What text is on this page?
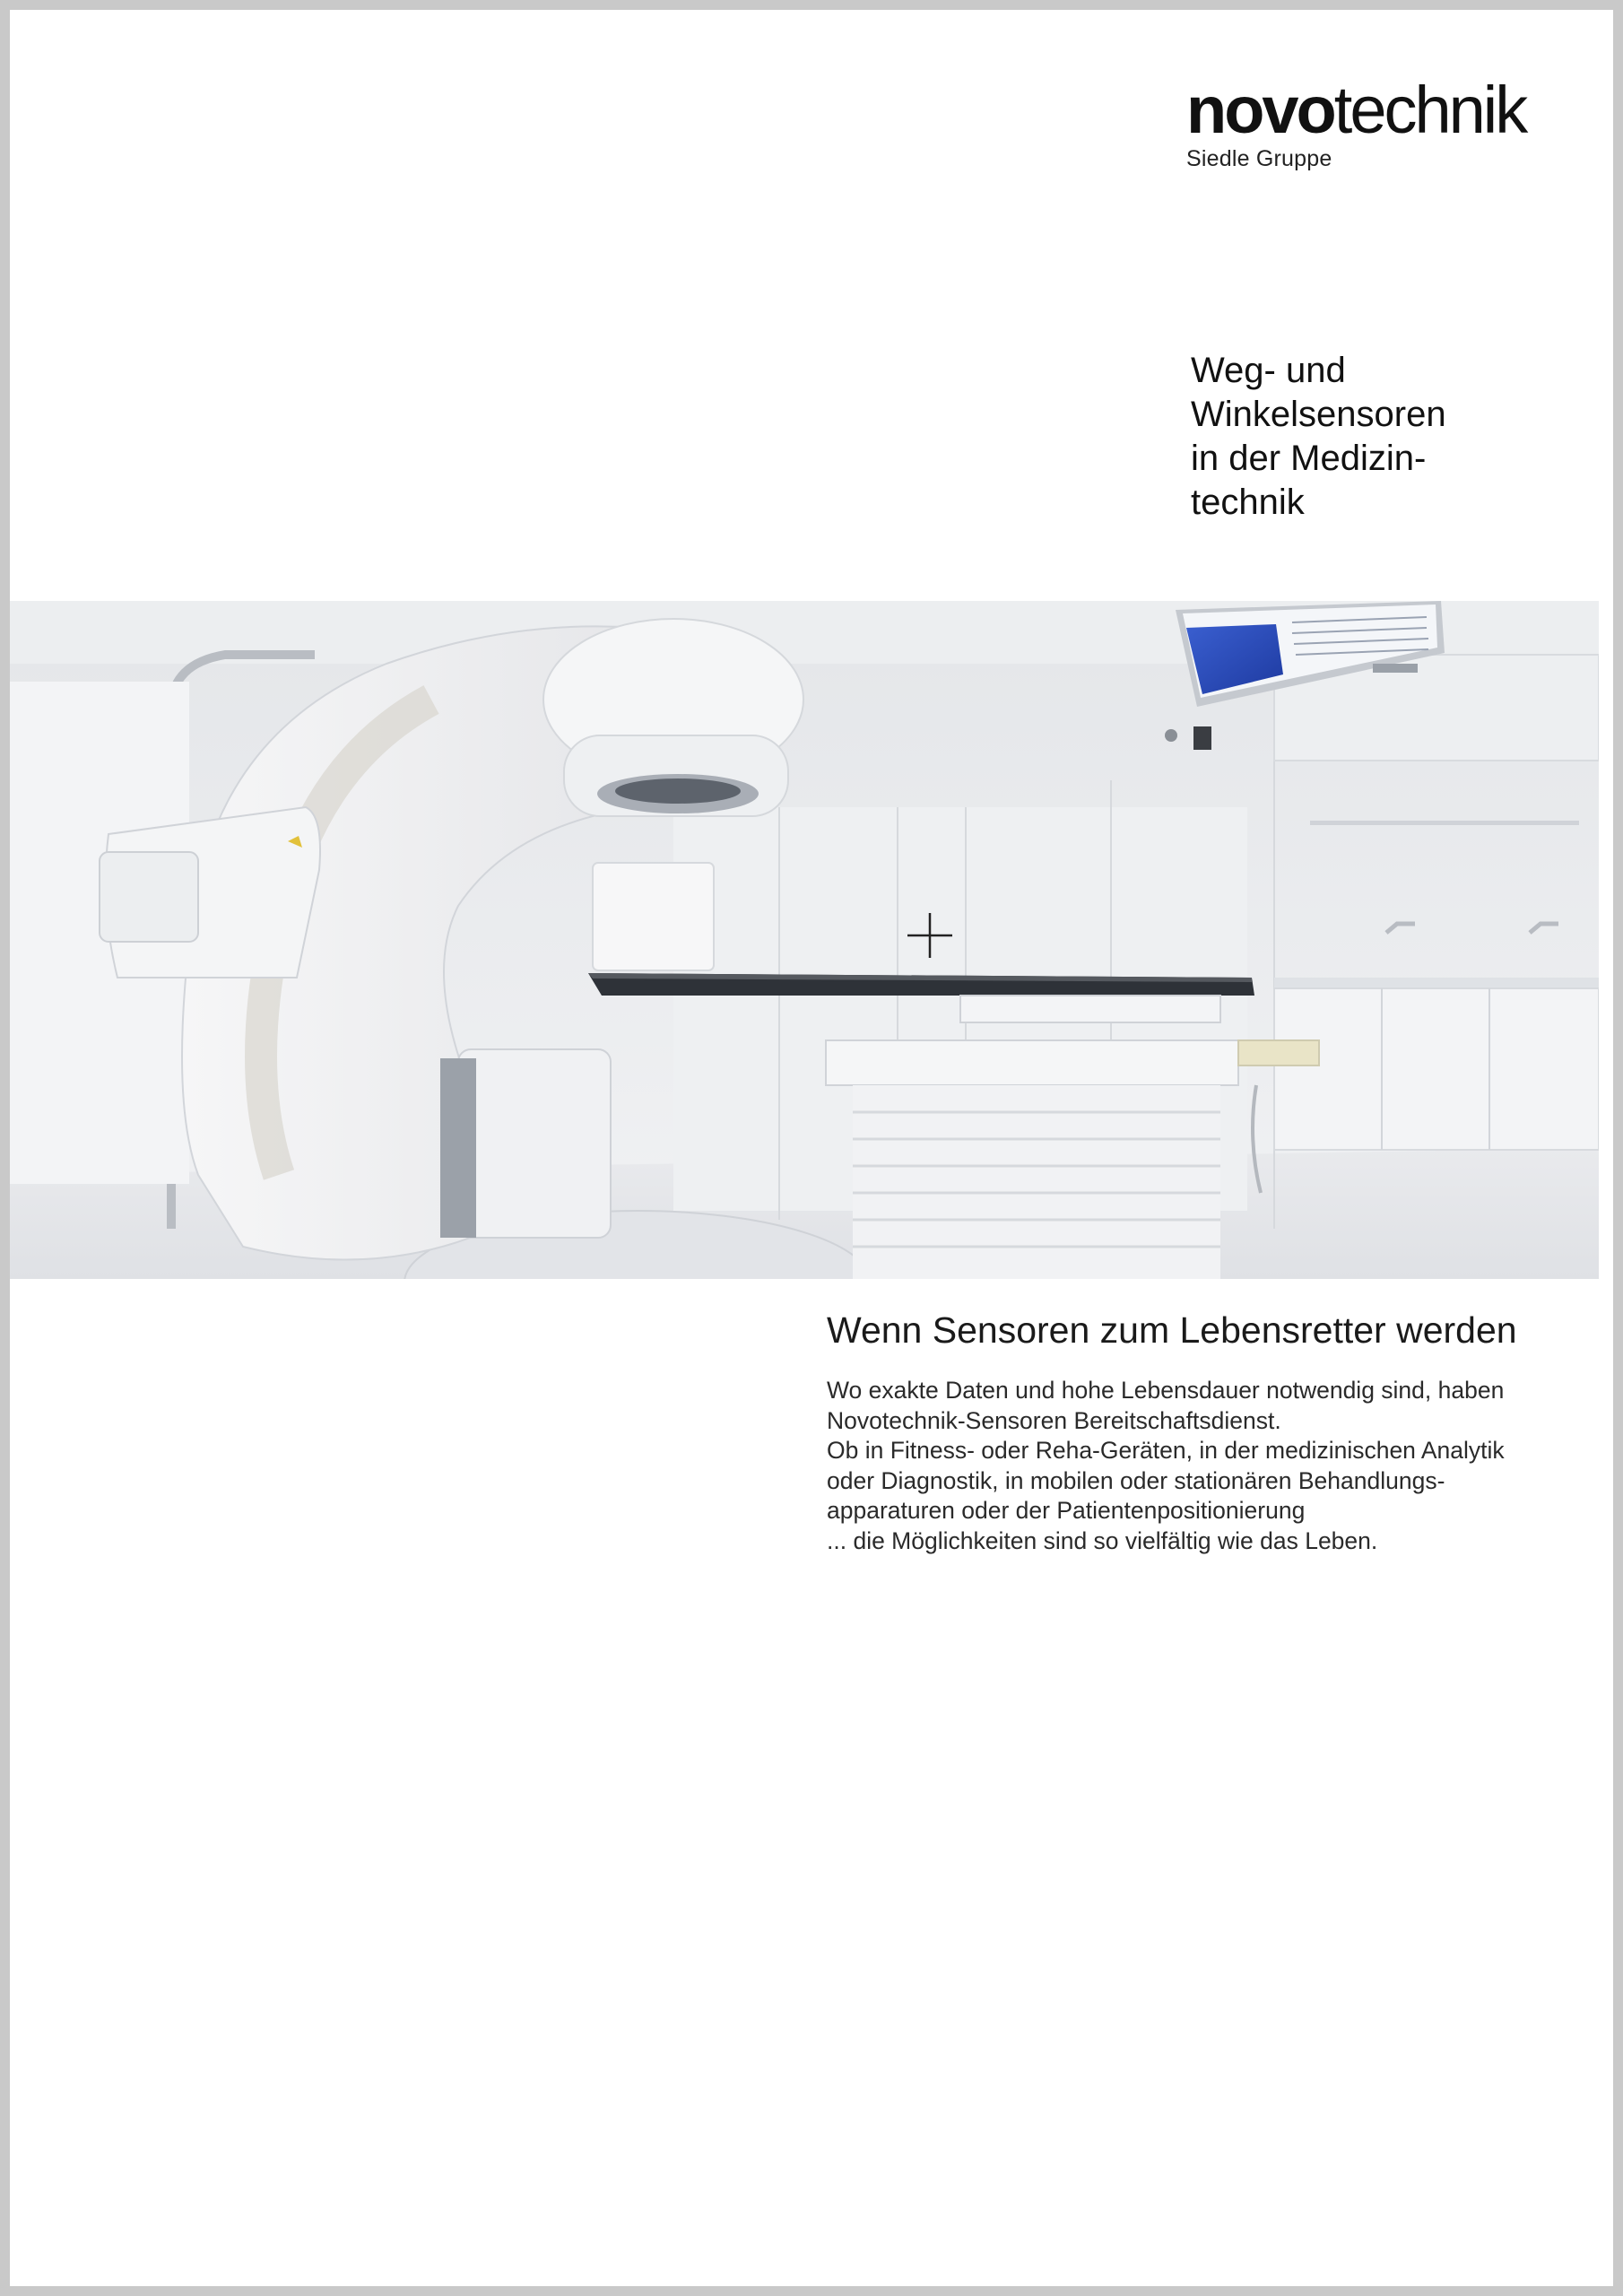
novotechnik
Siedle Gruppe
Weg- und
Winkelsensoren
in der Medizin-
technik
Wenn Sensoren zum Lebensretter werden
Wo exakte Daten und hohe Lebensdauer notwendig sind, haben
Novotechnik-Sensoren Bereitschaftsdienst.
Ob in Fitness- oder Reha-Geräten, in der medizinischen Analytik
oder Diagnostik, in mobilen oder stationären Behandlungs-
apparaturen oder der Patientenpositionierung
... die Möglichkeiten sind so vielfältig wie das Leben.
